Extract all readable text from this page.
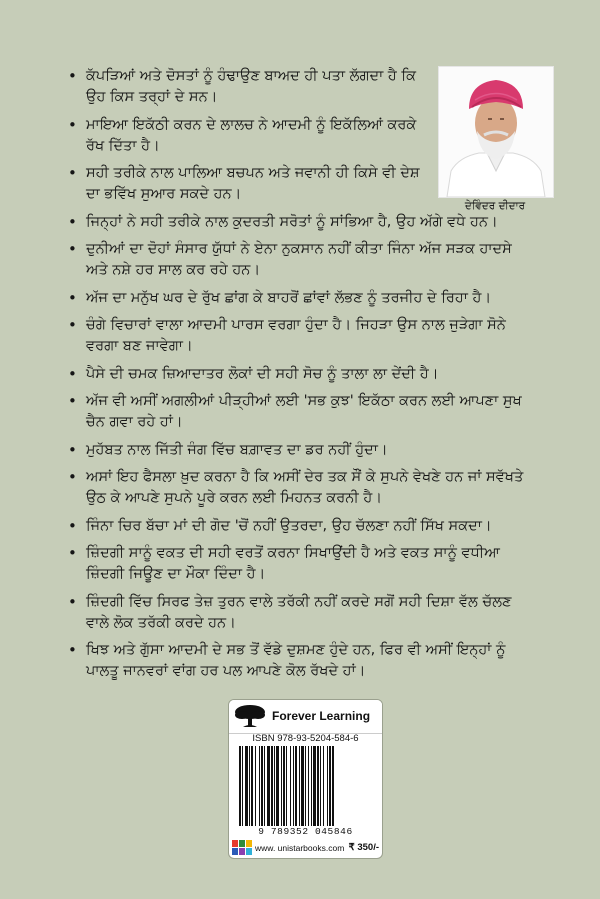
• ਕੱਪੜਿਆਂ ਅਤੇ ਦੋਸਤਾਂ ਨੂੰ ਹੰਢਾਉਣ ਬਾਅਦ ਹੀ ਪਤਾ ਲੱਗਦਾ ਹੈ ਕਿ ਉਹ ਕਿਸ ਤਰ੍ਹਾਂ ਦੇ ਸਨ।
• ਮਾਇਆ ਇਕੱਠੀ ਕਰਨ ਦੇ ਲਾਲਚ ਨੇ ਆਦਮੀ ਨੂੰ ਇਕੱਲਿਆਂ ਕਰਕੇ ਰੱਖ ਦਿੱਤਾ ਹੈ।
• ਸਹੀ ਤਰੀਕੇ ਨਾਲ ਪਾਲਿਆ ਬਚਪਨ ਅਤੇ ਜਵਾਨੀ ਹੀ ਕਿਸੇ ਵੀ ਦੇਸ਼ ਦਾ ਭਵਿੱਖ ਸੁਆਰ ਸਕਦੇ ਹਨ।
• ਜਿਨ੍ਹਾਂ ਨੇ ਸਹੀ ਤਰੀਕੇ ਨਾਲ ਕੁਦਰਤੀ ਸਰੋਤਾਂ ਨੂੰ ਸਾਂਭਿਆ ਹੈ, ਉਹ ਅੱਗੇ ਵਧੇ ਹਨ।
• ਦੁਨੀਆਂ ਦਾ ਦੋਹਾਂ ਸੰਸਾਰ ਯੁੱਧਾਂ ਨੇ ਏਨਾ ਨੁਕਸਾਨ ਨਹੀਂ ਕੀਤਾ ਜਿੰਨਾ ਅੱਜ ਸੜਕ ਹਾਦਸੇ ਅਤੇ ਨਸ਼ੇ ਹਰ ਸਾਲ ਕਰ ਰਹੇ ਹਨ।
• ਅੱਜ ਦਾ ਮਨੁੱਖ ਘਰ ਦੇ ਰੁੱਖ ਛਾਂਗ ਕੇ ਬਾਹਰੋਂ ਛਾਂਵਾਂ ਲੱਭਣ ਨੂੰ ਤਰਜੀਹ ਦੇ ਰਿਹਾ ਹੈ।
• ਚੰਗੇ ਵਿਚਾਰਾਂ ਵਾਲਾ ਆਦਮੀ ਪਾਰਸ ਵਰਗਾ ਹੁੰਦਾ ਹੈ। ਜਿਹੜਾ ਉਸ ਨਾਲ ਜੁੜੇਗਾ ਸੋਨੇ ਵਰਗਾ ਬਣ ਜਾਵੇਗਾ।
• ਪੈਸੇ ਦੀ ਚਮਕ ਜ਼ਿਆਦਾਤਰ ਲੋਕਾਂ ਦੀ ਸਹੀ ਸੋਚ ਨੂੰ ਤਾਲਾ ਲਾ ਦੇਂਦੀ ਹੈ।
• ਅੱਜ ਵੀ ਅਸੀਂ ਅਗਲੀਆਂ ਪੀੜ੍ਹੀਆਂ ਲਈ 'ਸਭ ਕੁਝ' ਇਕੱਠਾ ਕਰਨ ਲਈ ਆਪਣਾ ਸੁਖ ਚੈਨ ਗਵਾ ਰਹੇ ਹਾਂ।
• ਮੁਹੱਬਤ ਨਾਲ ਜਿੱਤੀ ਜੰਗ ਵਿੱਚ ਬਗ਼ਾਵਤ ਦਾ ਡਰ ਨਹੀਂ ਹੁੰਦਾ।
• ਅਸਾਂ ਇਹ ਫੈਸਲਾ ਖ਼ੁਦ ਕਰਨਾ ਹੈ ਕਿ ਅਸੀਂ ਦੇਰ ਤਕ ਸੌਂ ਕੇ ਸੁਪਨੇ ਵੇਖਣੇ ਹਨ ਜਾਂ ਸਵੱਖਤੇ ਉਠ ਕੇ ਆਪਣੇ ਸੁਪਨੇ ਪੂਰੇ ਕਰਨ ਲਈ ਮਿਹਨਤ ਕਰਨੀ ਹੈ।
• ਜਿੰਨਾ ਚਿਰ ਬੱਚਾ ਮਾਂ ਦੀ ਗੋਦ 'ਚੋਂ ਨਹੀਂ ਉਤਰਦਾ, ਉਹ ਚੱਲਣਾ ਨਹੀਂ ਸਿੱਖ ਸਕਦਾ।
• ਜ਼ਿੰਦਗੀ ਸਾਨੂੰ ਵਕਤ ਦੀ ਸਹੀ ਵਰਤੋਂ ਕਰਨਾ ਸਿਖਾਉਂਦੀ ਹੈ ਅਤੇ ਵਕਤ ਸਾਨੂੰ ਵਧੀਆ ਜ਼ਿੰਦਗੀ ਜਿਊਣ ਦਾ ਮੌਕਾ ਦਿੰਦਾ ਹੈ।
• ਜ਼ਿੰਦਗੀ ਵਿੱਚ ਸਿਰਫ ਤੇਜ਼ ਤੁਰਨ ਵਾਲੇ ਤਰੱਕੀ ਨਹੀਂ ਕਰਦੇ ਸਗੋਂ ਸਹੀ ਦਿਸ਼ਾ ਵੱਲ ਚੱਲਣ ਵਾਲੇ ਲੋਕ ਤਰੱਕੀ ਕਰਦੇ ਹਨ।
• ਖਿਝ ਅਤੇ ਗੁੱਸਾ ਆਦਮੀ ਦੇ ਸਭ ਤੋਂ ਵੱਡੇ ਦੁਸ਼ਮਣ ਹੁੰਦੇ ਹਨ, ਫਿਰ ਵੀ ਅਸੀਂ ਇਨ੍ਹਾਂ ਨੂੰ ਪਾਲਤੂ ਜਾਨਵਰਾਂ ਵਾਂਗ ਹਰ ਪਲ ਆਪਣੇ ਕੋਲ ਰੱਖਦੇ ਹਾਂ।
ਦੇਵਿੰਦਰ ਦੀਦਾਰ
Forever Learning
ISBN 978-93-5204-584-6
9 789352 045846
www. unistarbooks.com ₹ 350/-
